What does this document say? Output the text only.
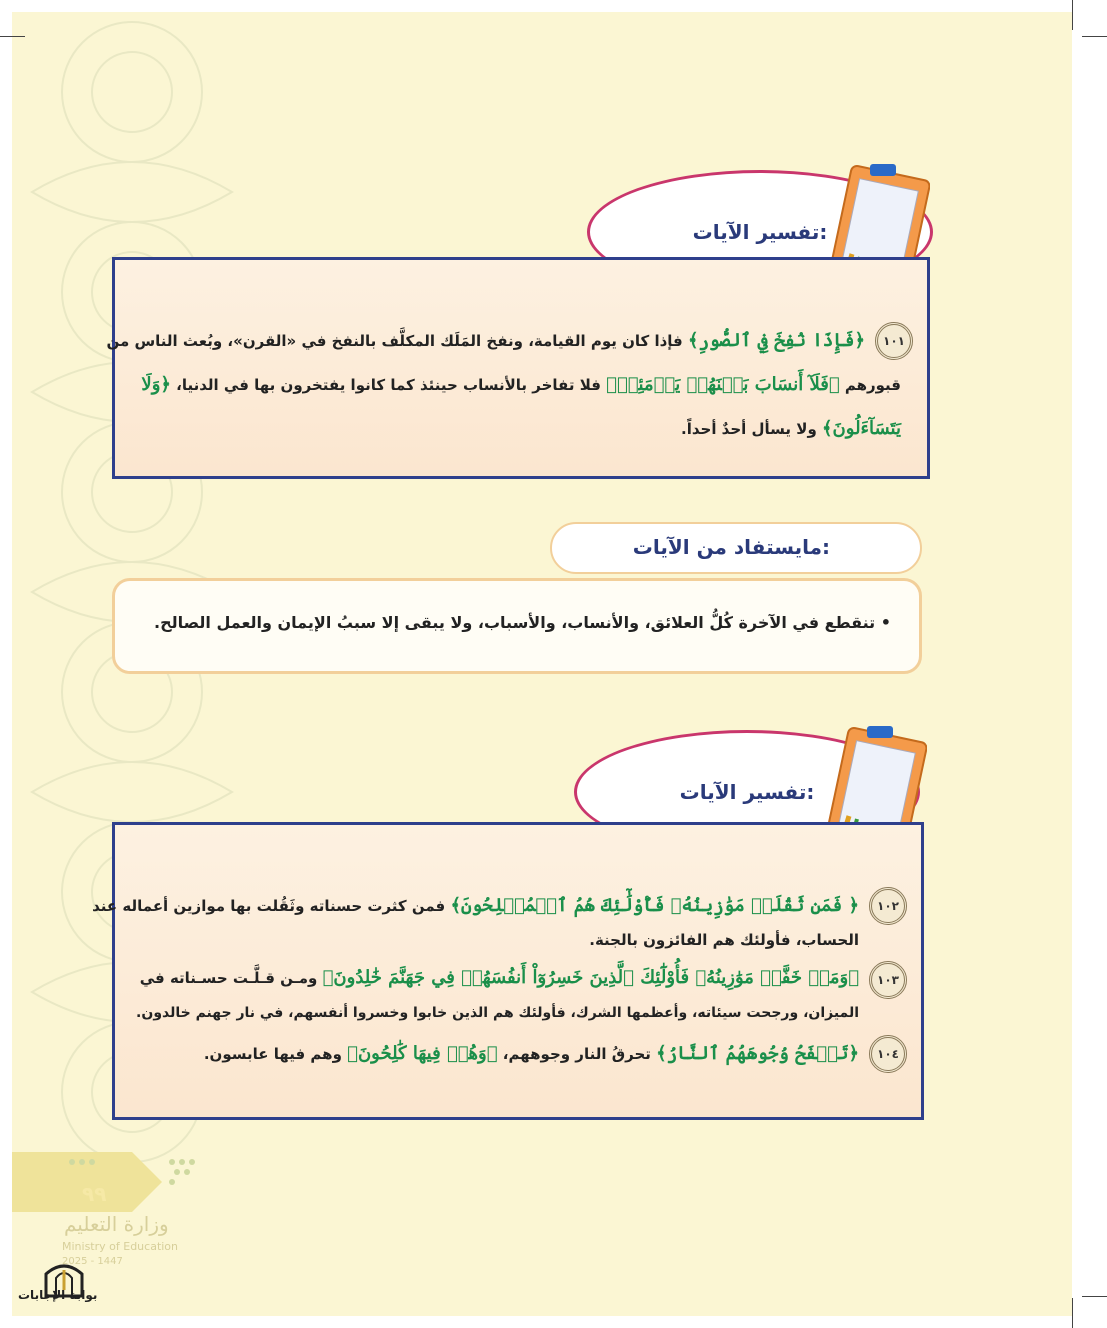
تفسير الآيات:
١٠١
﴿فَإِذَا نُفِخَ فِي ٱلصُّورِ﴾ فإذا كان يوم القيامة، ونفخ المَلَك المكلَّف بالنفخ في «القرن»، وبُعث الناس من
قبورهم ﴿فَلَآ أَنسَابَ بَيۡنَهُمۡ يَوۡمَئِذٖ﴾ فلا تفاخر بالأنساب حينئذ كما كانوا يفتخرون بها في الدنيا، ﴿وَلَا
يَتَسَآءَلُونَ﴾ ولا يسأل أحدٌ أحداً.
مايستفاد من الآيات:
• تنقطع في الآخرة كُلُّ العلائق، والأنساب، والأسباب، ولا يبقى إلا سببُ الإيمان والعمل الصالح.
تفسير الآيات:
١٠٢
﴿ فَمَن ثَقُلَتۡ مَوَٰزِينُهُۥ فَأُوْلَٰٓئِكَ هُمُ ٱلۡمُفۡلِحُونَ﴾ فمن كثرت حسناته وثَقُلت بها موازين أعماله عند
الحساب، فأولئك هم الفائزون بالجنة.
١٠٣
﴿وَمَنۡ خَفَّتۡ مَوَٰزِينُهُۥ فَأُوْلَٰٓئِكَ ٱلَّذِينَ خَسِرُوٓاْ أَنفُسَهُمۡ فِي جَهَنَّمَ خَٰلِدُونَ﴾ ومـن قـلَّـت حسـناته في
الميزان، ورجحت سيئاته، وأعظمها الشرك، فأولئك هم الذين خابوا وخسروا أنفسهم، في نار جهنم خالدون.
١٠٤
﴿تَلۡفَحُ وُجُوهَهُمُ ٱلنَّارُ﴾ تحرقُ النار وجوههم، ﴿وَهُمۡ فِيهَا كَٰلِحُونَ﴾ وهم فيها عابسون.
٩٩
وزارة التعليم
Ministry of Education
2025 - 1447
بوابة الإجابات
